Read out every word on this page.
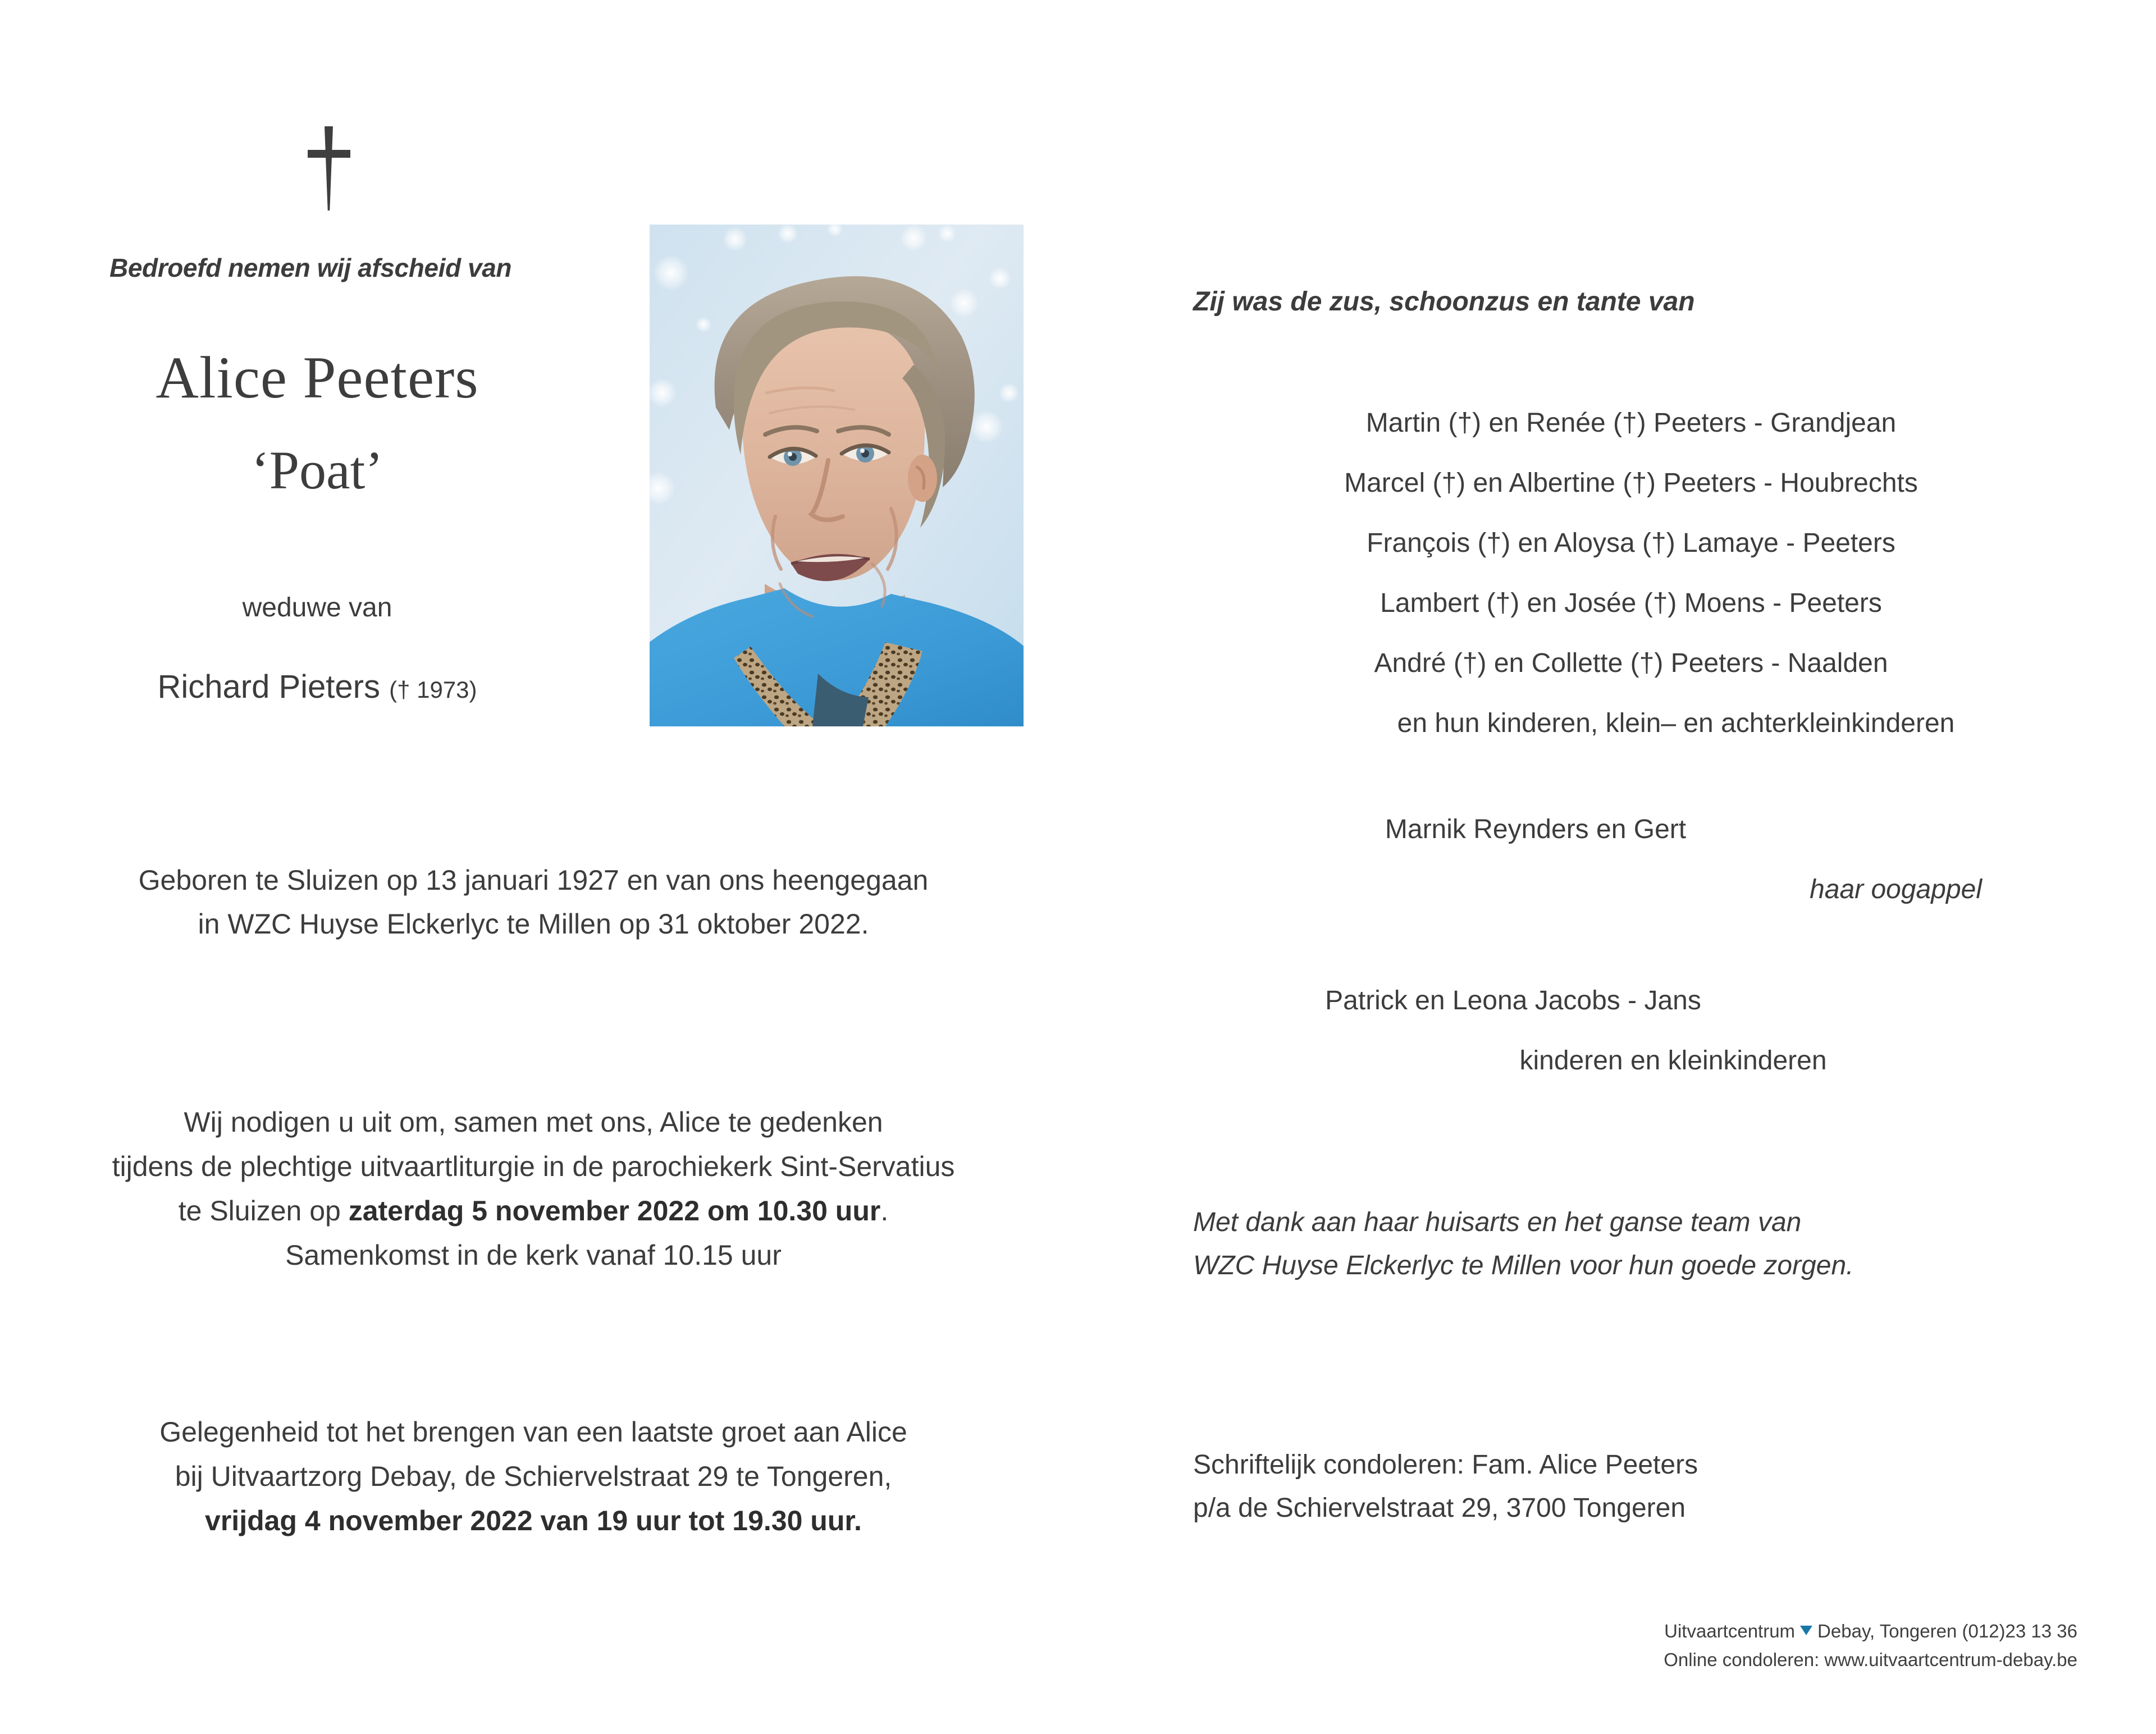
Bedroefd nemen wij afscheid van
Alice Peeters
‘Poat’
weduwe van
Richard Pieters († 1973)
Geboren te Sluizen op 13 januari 1927 en van ons heengegaan
in WZC Huyse Elckerlyc te Millen op 31 oktober 2022.
Wij nodigen u uit om, samen met ons, Alice te gedenken
tijdens de plechtige uitvaartliturgie in de parochiekerk Sint-Servatius
te Sluizen op zaterdag 5 november 2022 om 10.30 uur.
Samenkomst in de kerk vanaf 10.15 uur
Gelegenheid tot het brengen van een laatste groet aan Alice
bij Uitvaartzorg Debay, de Schiervelstraat 29 te Tongeren,
vrijdag 4 november 2022 van 19 uur tot 19.30 uur.
Zij was de zus, schoonzus en tante van
Martin (†) en Renée (†) Peeters - Grandjean
Marcel (†) en Albertine (†) Peeters - Houbrechts
François (†) en Aloysa (†) Lamaye - Peeters
Lambert (†) en Josée (†) Moens - Peeters
André (†) en Collette (†) Peeters - Naalden
en hun kinderen, klein– en achterkleinkinderen
Marnik Reynders en Gert
haar oogappel
Patrick en Leona Jacobs - Jans
kinderen en kleinkinderen
Met dank aan haar huisarts en het ganse team van
WZC Huyse Elckerlyc te Millen voor hun goede zorgen.
Schriftelijk condoleren: Fam. Alice Peeters
p/a de Schiervelstraat 29, 3700 Tongeren
Uitvaartcentrum Debay, Tongeren (012)23 13 36
Online condoleren: www.uitvaartcentrum-debay.be
